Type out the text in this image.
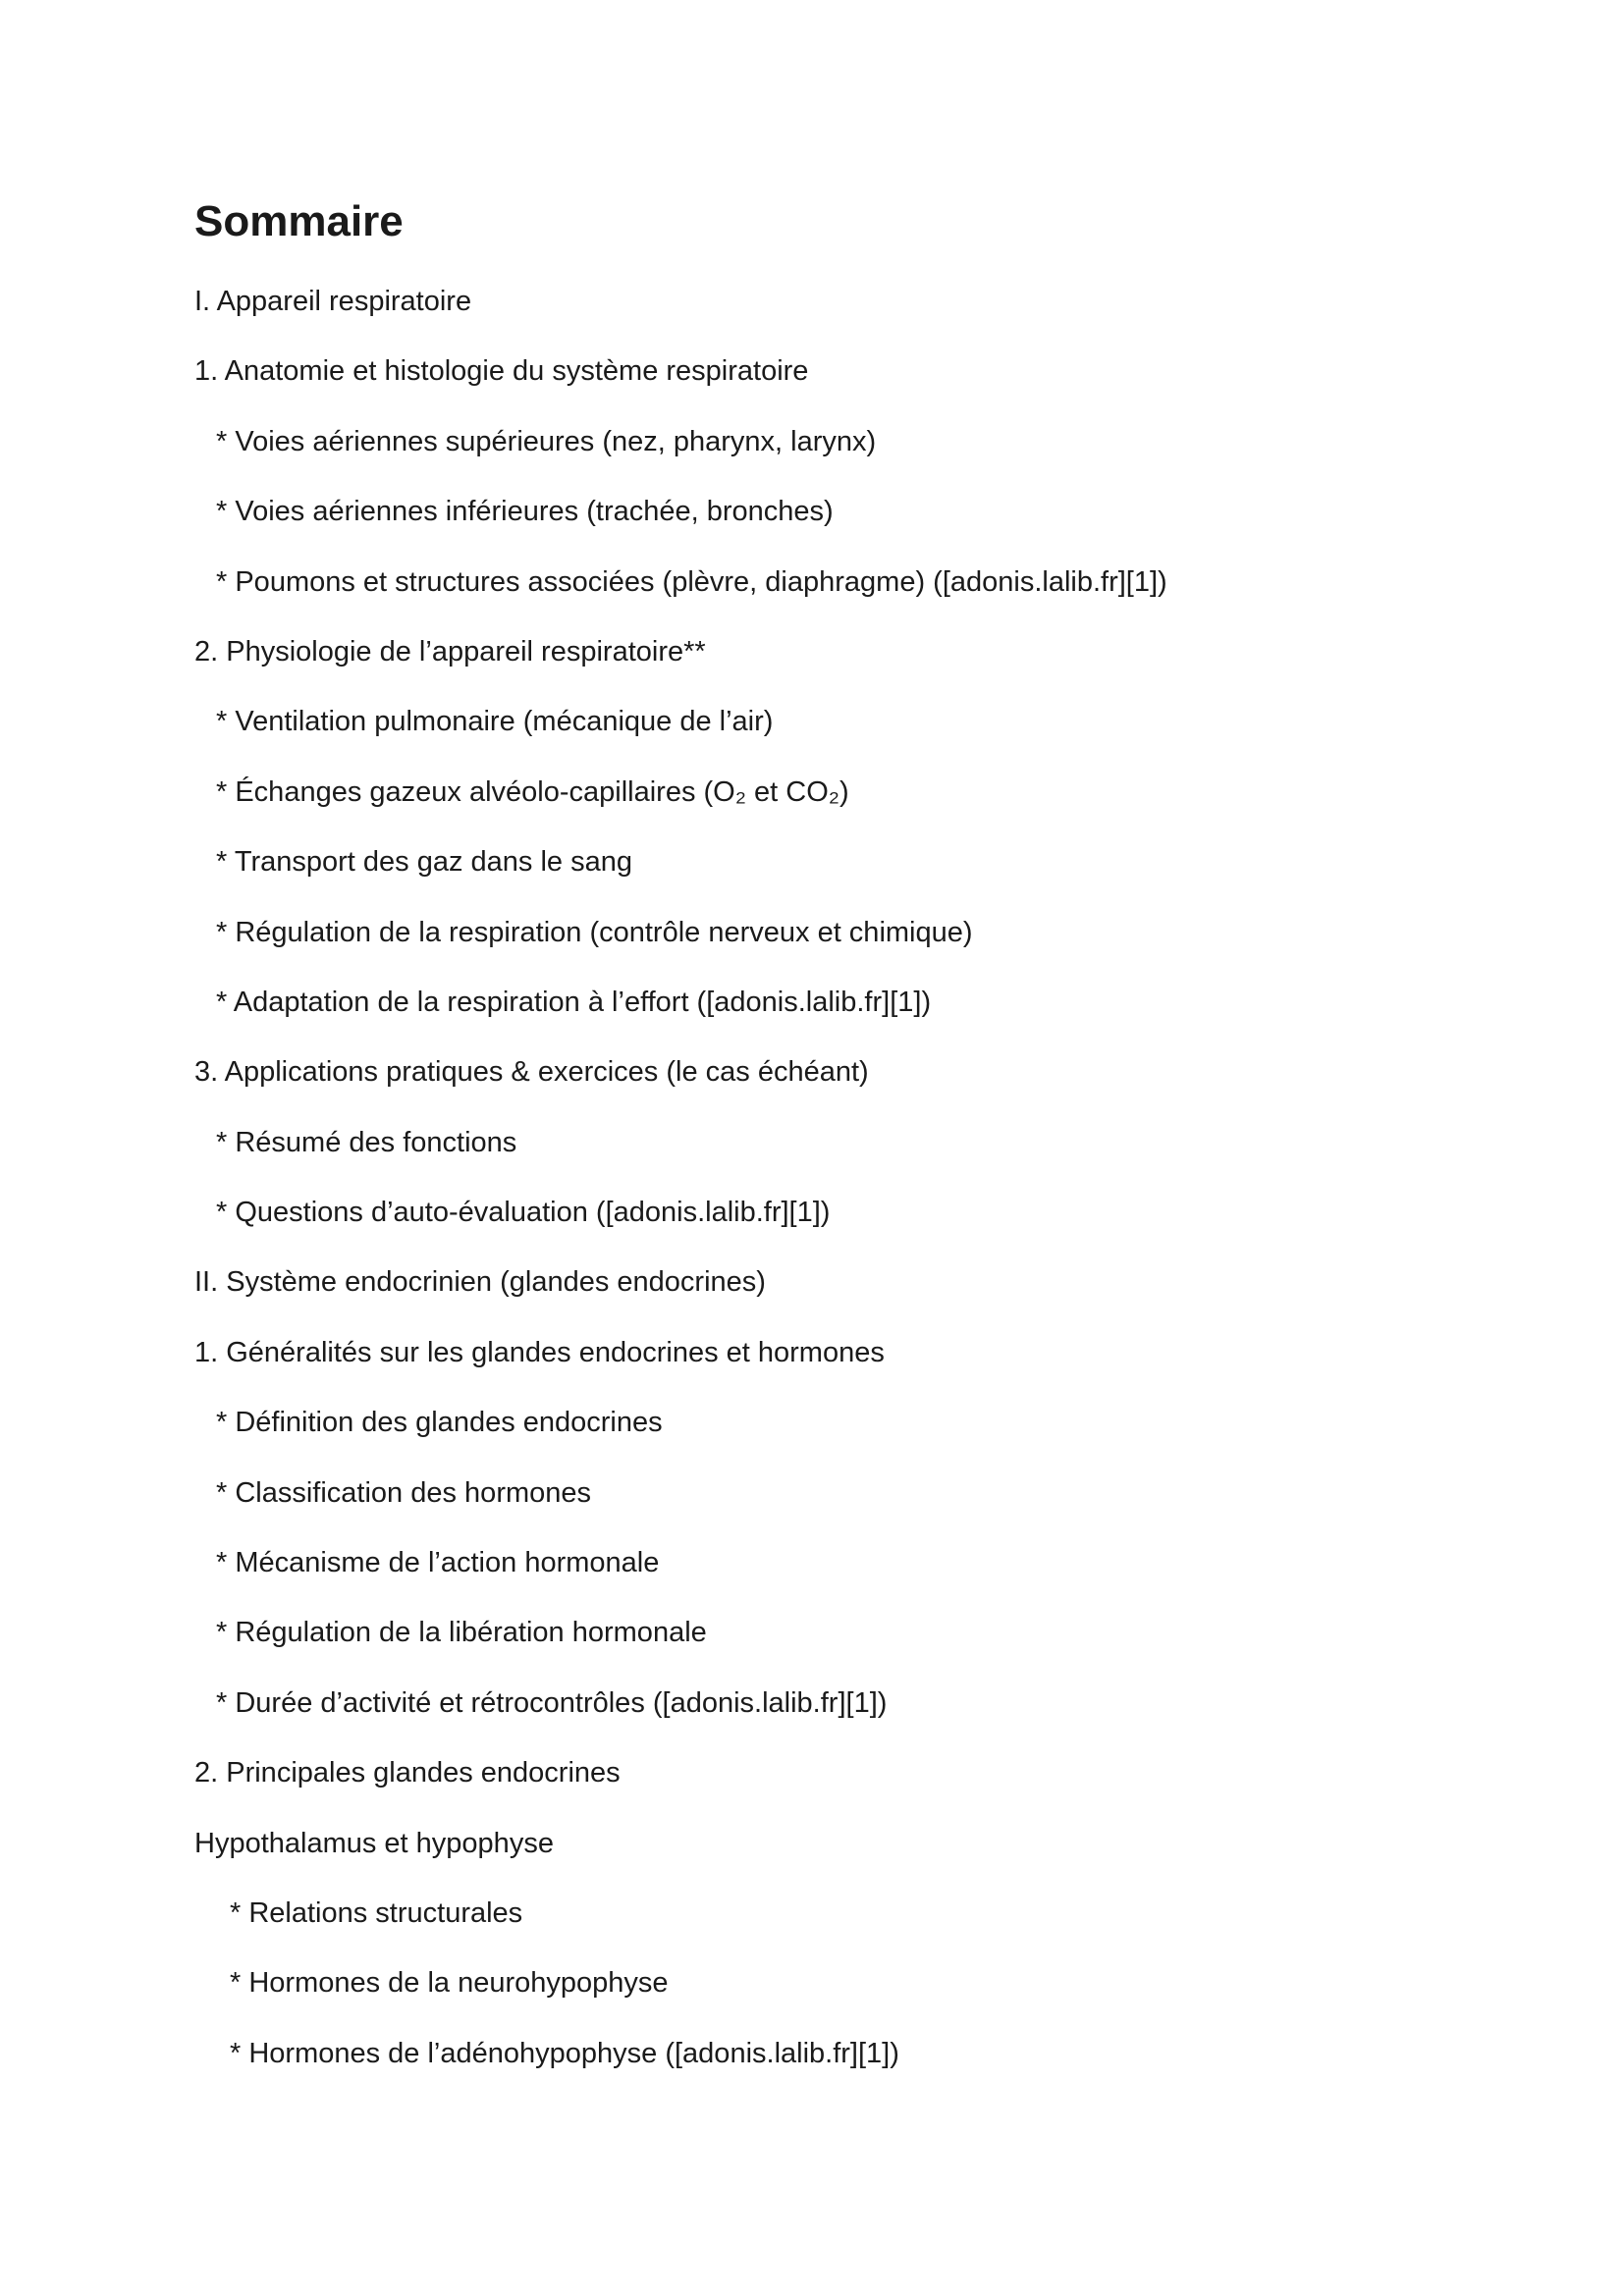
Sommaire
I. Appareil respiratoire
1. Anatomie et histologie du système respiratoire
* Voies aériennes supérieures (nez, pharynx, larynx)
* Voies aériennes inférieures (trachée, bronches)
* Poumons et structures associées (plèvre, diaphragme) ([adonis.lalib.fr][1])
2. Physiologie de l’appareil respiratoire**
* Ventilation pulmonaire (mécanique de l’air)
* Échanges gazeux alvéolo‑capillaires (O₂ et CO₂)
* Transport des gaz dans le sang
* Régulation de la respiration (contrôle nerveux et chimique)
* Adaptation de la respiration à l’effort ([adonis.lalib.fr][1])
3. Applications pratiques & exercices (le cas échéant)
* Résumé des fonctions
* Questions d’auto‑évaluation ([adonis.lalib.fr][1])
II. Système endocrinien (glandes endocrines)
1. Généralités sur les glandes endocrines et hormones
* Définition des glandes endocrines
* Classification des hormones
* Mécanisme de l’action hormonale
* Régulation de la libération hormonale
* Durée d’activité et rétrocontrôles ([adonis.lalib.fr][1])
2. Principales glandes endocrines
Hypothalamus et hypophyse
* Relations structurales
* Hormones de la neurohypophyse
* Hormones de l’adénohypophyse ([adonis.lalib.fr][1])
